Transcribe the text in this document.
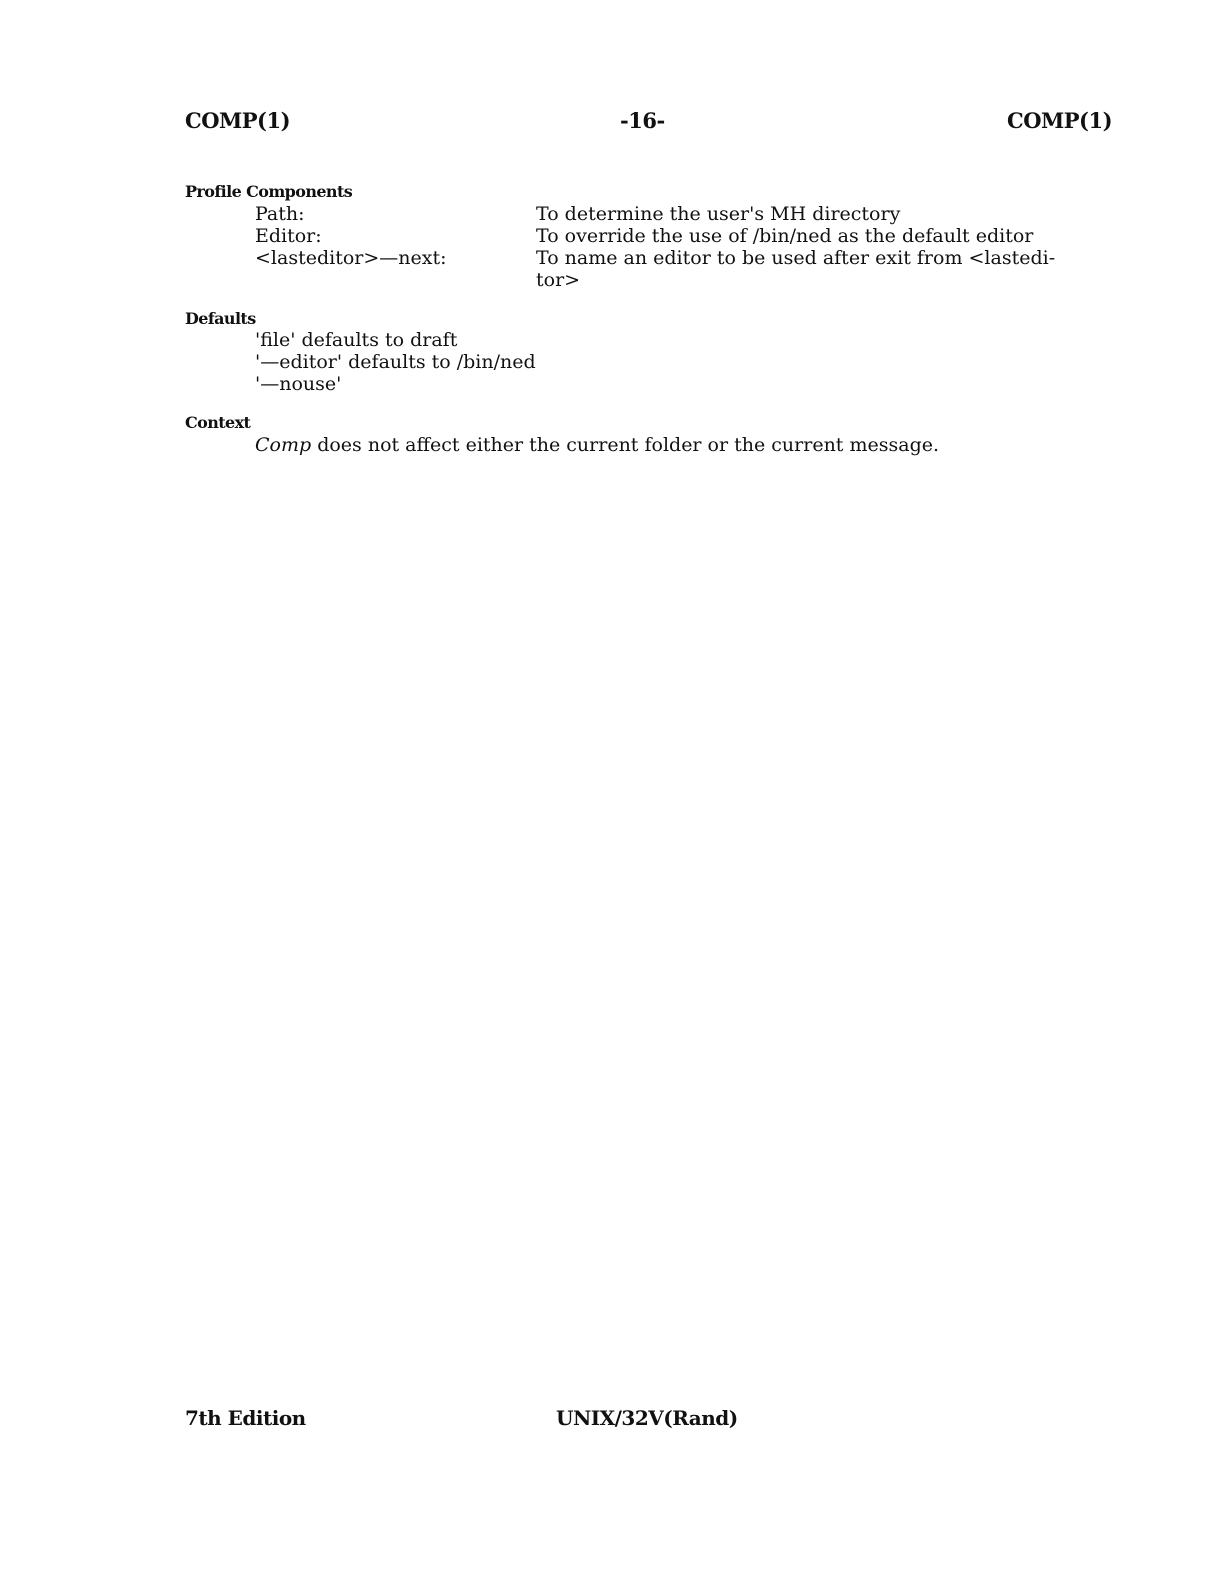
COMP(1)	-16-	COMP(1)
Profile Components
Path:	To determine the user's MH directory
Editor:	To override the use of /bin/ned as the default editor
<lasteditor>—next:	To name an editor to be used after exit from <lastedi-
tor>
Defaults
'file' defaults to draft
'—editor' defaults to /bin/ned
'—nouse'
Context
Comp does not affect either the current folder or the current message.
7th Edition	UNIX/32V(Rand)
